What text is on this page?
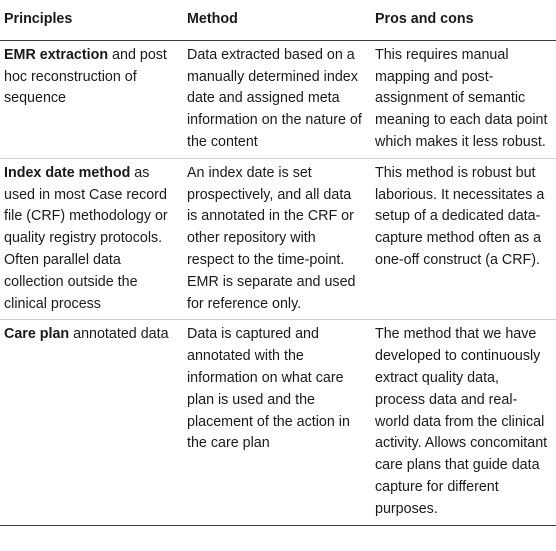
Principles	Method	Pros and cons
EMR extraction and post hoc reconstruction of sequence	Data extracted based on a manually determined index date and assigned meta information on the nature of the content	This requires manual mapping and post-assignment of semantic meaning to each data point which makes it less robust.
Index date method as used in most Case record file (CRF) methodology or quality registry protocols. Often parallel data collection outside the clinical process	An index date is set prospectively, and all data is annotated in the CRF or other repository with respect to the time-point. EMR is separate and used for reference only.	This method is robust but laborious. It necessitates a setup of a dedicated data-capture method often as a one-off construct (a CRF).
Care plan annotated data	Data is captured and annotated with the information on what care plan is used and the placement of the action in the care plan	The method that we have developed to continuously extract quality data, process data and real-world data from the clinical activity. Allows concomitant care plans that guide data capture for different purposes.
